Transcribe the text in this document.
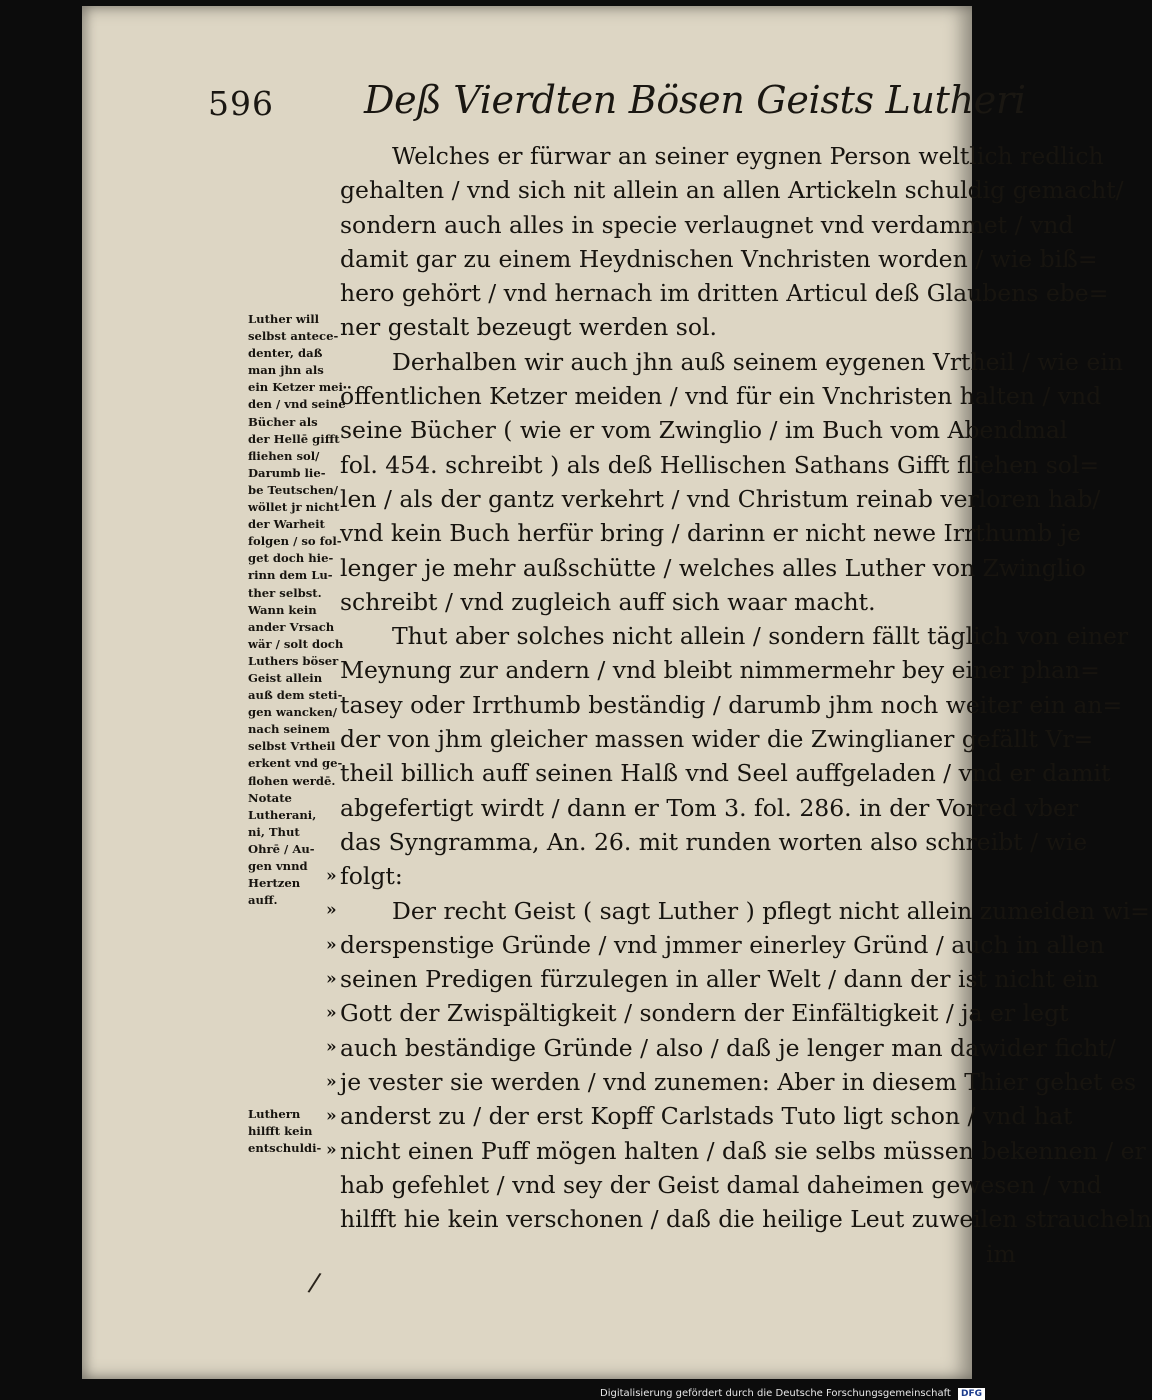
596 Deß Vierdten Bösen Geists Lutheri
Welches er fürwar an seiner eygnen Person weltlich redlich
gehalten / vnd sich nit allein an allen Artickeln schuldig gemacht/
sondern auch alles in specie verlaugnet vnd verdammet / vnd
damit gar zu einem Heydnischen Vnchristen worden / wie biß=
hero gehört / vnd hernach im dritten Articul deß Glaubens ebe=
ner gestalt bezeugt werden sol.
Derhalben wir auch jhn auß seinem eygenen Vrtheil / wie ein
öffentlichen Ketzer meiden / vnd für ein Vnchristen halten / vnd
seine Bücher ( wie er vom Zwinglio / im Buch vom Abendmal
fol. 454. schreibt ) als deß Hellischen Sathans Gifft fliehen sol=
len / als der gantz verkehrt / vnd Christum reinab verloren hab/
vnd kein Buch herfür bring / darinn er nicht newe Irrthumb je
lenger je mehr außschütte / welches alles Luther von Zwinglio
schreibt / vnd zugleich auff sich waar macht.
Thut aber solches nicht allein / sondern fällt täglich von einer
Meynung zur andern / vnd bleibt nimmermehr bey einer phan=
tasey oder Irrthumb beständig / darumb jhm noch weiter ein an=
der von jhm gleicher massen wider die Zwinglianer gefällt Vr=
theil billich auff seinen Halß vnd Seel auffgeladen / vnd er damit
abgefertigt wirdt / dann er Tom 3. fol. 286. in der Vorred vber
das Syngramma, An. 26. mit runden worten also schreibt / wie
folgt:
Der recht Geist ( sagt Luther ) pflegt nicht allein zumeiden wi=
derspenstige Gründe / vnd jmmer einerley Gründ / auch in allen
seinen Predigen fürzulegen in aller Welt / dann der ist nicht ein
Gott der Zwispältigkeit / sondern der Einfältigkeit / ja er legt
auch beständige Gründe / also / daß je lenger man dawider ficht/
je vester sie werden / vnd zunemen: Aber in diesem Thier gehet es
anderst zu / der erst Kopff Carlstads Tuto ligt schon / vnd hat
nicht einen Puff mögen halten / daß sie selbs müssen bekennen / er
hab gefehlet / vnd sey der Geist damal daheimen gewesen / vnd
hilfft hie kein verschonen / daß die heilige Leut zuweilen straucheln
im
Luther will
selbst antece-
denter, daß
man jhn als
ein Ketzer mei
den / vnd seine
Bücher als
der Hellē gifft
fliehen sol/
Darumb lie-
be Teutschen/
wöllet jr nicht
der Warheit
folgen / so fol-
get doch hie-
rinn dem Lu-
ther selbst.
Wann kein
ander Vrsach
wär / solt doch
Luthers böser
Geist allein
auß dem steti-
gen wancken/
nach seinem
selbst Vrtheil
erkent vnd ge-
flohen werdē.
Notate
Lutherani,
ni, Thut
Ohrē / Au-
gen vnnd
Hertzen
auff.
Luthern
hilfft kein
entschuldi-
»
»
»
»
»
»
»
»
»
/
Digitalisierung gefördert durch die Deutsche Forschungsgemeinschaft DFG
